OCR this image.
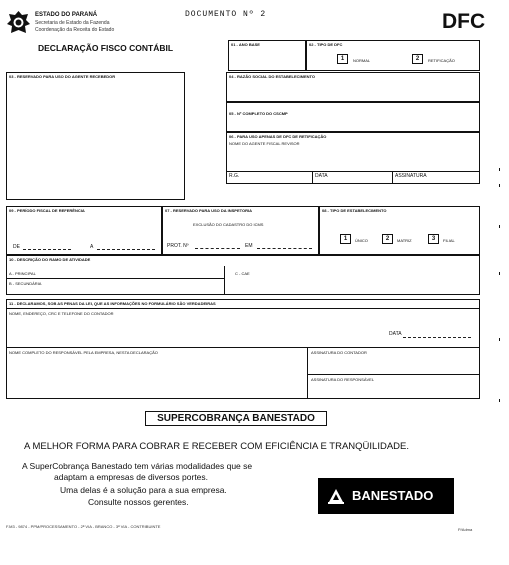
ESTADO DO PARANÁ
Secretaria de Estado da Fazenda
Coordenação da Receita do Estado
DOCUMENTO Nº 2	DFC
DECLARAÇÃO FISCO CONTÁBIL	01 - ANO BASE	02 - TIPO DE DFC
1	NORMAL	2	RETIFICAÇÃO
03 - RESERVADO PARA USO DO AGENTE RECEBEDOR	04 - RAZÃO SOCIAL DO ESTABELECIMENTO
05 - Nº COMPLETO DO CSCMP
06 - PARA USO APENAS DE DFC DE RETIFICAÇÃO
NOME DO AGENTE FISCAL REVISOR
R.G.	DATA	ASSINATURA
09 - PERÍODO FISCAL DE REFERÊNCIA
DE	A
07 - RESERVADO PARA USO DA INSPETORIA
EXCLUSÃO DO CADASTRO DO ICMS
PROT. Nº	EM
08 - TIPO DE ESTABELECIMENTO
1	ÚNICO	2	MATRIZ	3	FILIAL
10 - DESCRIÇÃO DO RAMO DE ATIVIDADE
A - PRINCIPAL
B - SECUNDÁRIA
C - CAE
11 - DECLARAMOS, SOB AS PENAS DA LEI, QUE AS INFORMAÇÕES NO FORMULÁRIO SÃO VERDADEIRAS
NOME, ENDEREÇO, CRC E TELEFONE DO CONTADOR
DATA
NOME COMPLETO DO RESPONSÁVEL PELA EMPRESA, NESTA DECLARAÇÃO	ASSINATURA DO CONTADOR
ASSINATURA DO RESPONSÁVEL
SUPERCOBRANÇA BANESTADO
A MELHOR FORMA PARA COBRAR E RECEBER COM EFICIÊNCIA E TRANQÜILIDADE.
A SuperCobrança Banestado tem várias modalidades que se
adaptam a empresas de diversos portes.
Uma delas é a solução para a sua empresa.
Consulte nossos gerentes.	BANESTADO
F.M3 - 9874 - PPM/PROCESSAMENTO - 2ª VIA - BRANCO - 3ª VIA - CONTRIBUINTE
P/Adma
